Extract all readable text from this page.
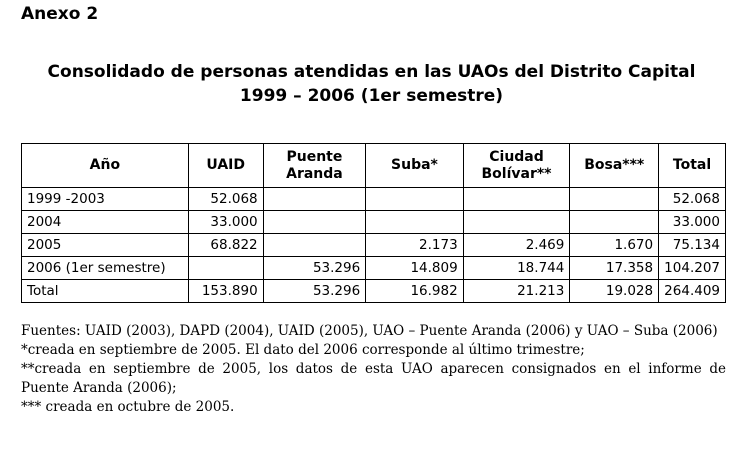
Anexo 2
Consolidado de personas atendidas en las UAOs del Distrito Capital
1999 – 2006 (1er semestre)
Año	UAID	Puente Aranda	Suba*	Ciudad Bolívar**	Bosa***	Total
1999 -2003	52.068					52.068
2004	33.000					33.000
2005	68.822		2.173	2.469	1.670	75.134
2006 (1er semestre)		53.296	14.809	18.744	17.358	104.207
Total	153.890	53.296	16.982	21.213	19.028	264.409

Fuentes: UAID (2003), DAPD (2004), UAID (2005), UAO – Puente Aranda (2006) y UAO – Suba (2006)

*creada en septiembre de 2005. El dato del 2006 corresponde al último trimestre;

**creada en septiembre de 2005, los datos de esta UAO aparecen consignados en el informe de Puente Aranda (2006);

*** creada en octubre de 2005.
